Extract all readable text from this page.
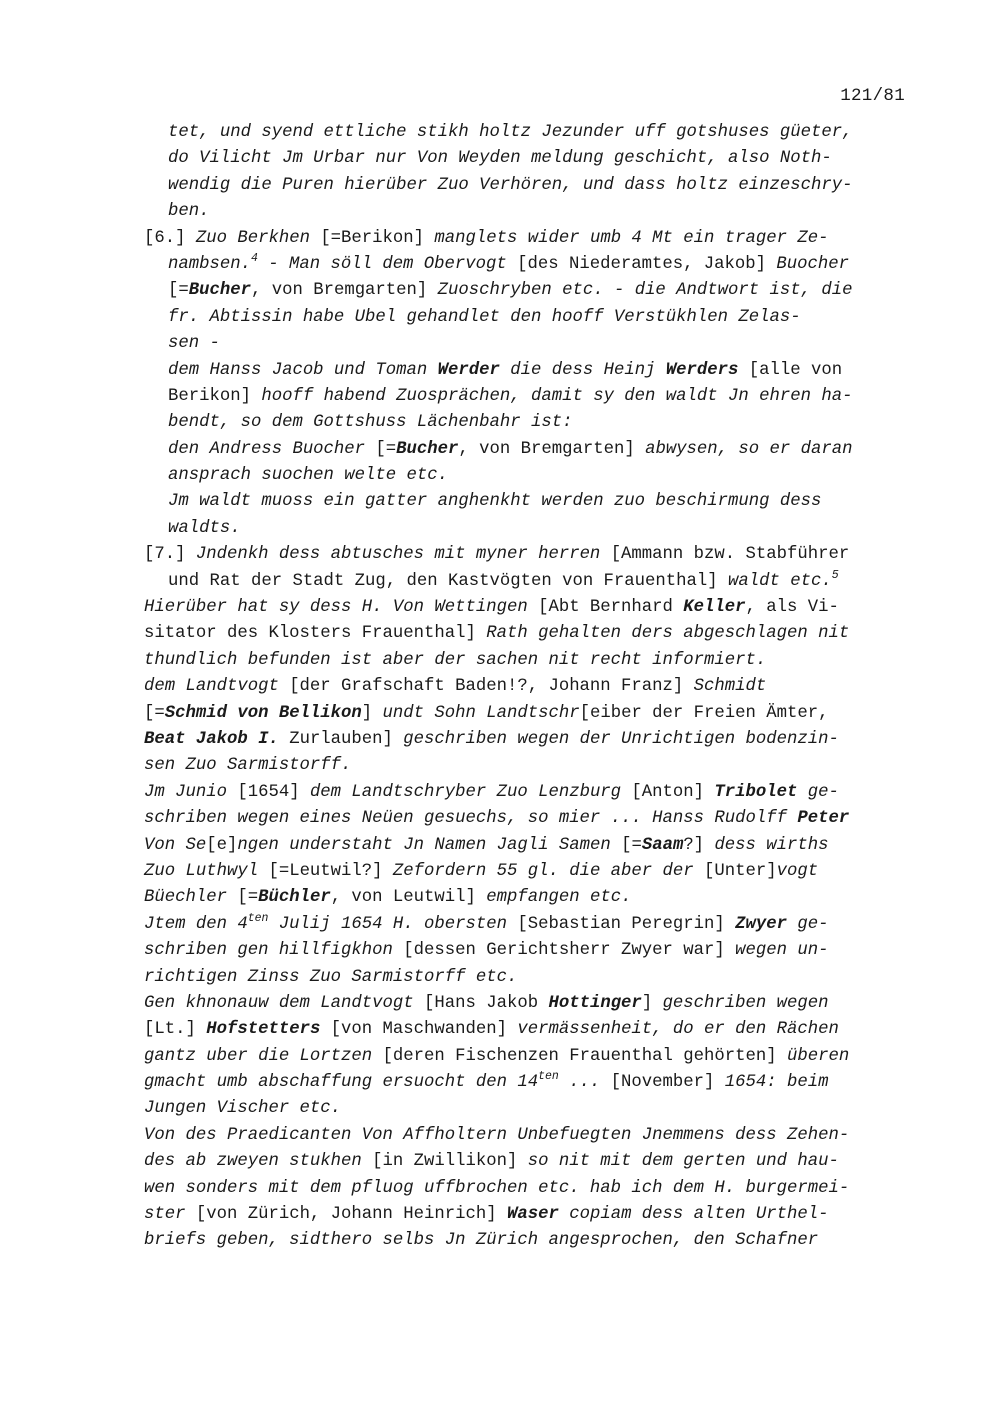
121/81
tet, und syend ettliche stikh holtz Jezunder uff gotshuses güeter,
do Vilicht Jm Urbar nur Von Weyden meldung geschicht, also Noth-
wendig die Puren hierüber Zuo Verhören, und dass holtz einzeschry-
ben.
[6.] Zuo Berkhen [=Berikon] manglets wider umb 4 Mt ein trager Ze-
nambsen.$^4$ - Man söll dem Obervogt [des Niederamtes, Jakob] Buocher
[=Bucher, von Bremgarten] Zuoschryben etc. - die Andtwort ist, die
fr. Abtissin habe Ubel gehandlet den hooff Verstükhlen Zelas-
sen -
dem Hanss Jacob und Toman Werder die dess Heinj Werders [alle von
Berikon] hooff habend Zuosprächen, damit sy den waldt Jn ehren ha-
bendt, so dem Gottshuss Lächenbahr ist:
den Andress Buocher [=Bucher, von Bremgarten] abwysen, so er daran
ansprach suochen welte etc.
Jm waldt muoss ein gatter anghenkht werden zuo beschirmung dess
waldts.
[7.] Jndenkh dess abtusches mit myner herren [Ammann bzw. Stabführer
und Rat der Stadt Zug, den Kastvögten von Frauenthal] waldt etc.$^5$
Hierüber hat sy dess H. Von Wettingen [Abt Bernhard Keller, als Vi-
sitator des Klosters Frauenthal] Rath gehalten ders abgeschlagen nit
thundlich befunden ist aber der sachen nit recht informiert.
dem Landtvogt [der Grafschaft Baden!?, Johann Franz] Schmidt
[=Schmid von Bellikon] undt Sohn Landtschr[eiber der Freien Ämter,
Beat Jakob I. Zurlauben] geschriben wegen der Unrichtigen bodenzin-
sen Zuo Sarmistorff.
Jm Junio [1654] dem Landtschryber Zuo Lenzburg [Anton] Tribolet ge-
schriben wegen eines Neüen gesuechs, so mier ... Hanss Rudolff Peter
Von Se[e]ngen understaht Jn Namen Jagli Samen [=Saam?] dess wirths
Zuo Luthwyl [=Leutwil?] Zefordern 55 gl. die aber der [Unter]vogt
Büechler [=Büchler, von Leutwil] empfangen etc.
Jtem den $4^{ten}$ Julij 1654 H. obersten [Sebastian Peregrin] Zwyer ge-
schriben gen hillfigkhon [dessen Gerichtsherr Zwyer war] wegen un-
richtigen Zinss Zuo Sarmistorff etc.
Gen khnonauw dem Landtvogt [Hans Jakob Hottinger] geschriben wegen
[Lt.] Hofstetters [von Maschwanden] vermässenheit, do er den Rächen
gantz uber die Lortzen [deren Fischenzen Frauenthal gehörten] überen
gmacht umb abschaffung ersuocht den $14^{ten}$ ... [November] 1654: beim
Jungen Vischer etc.
Von des Praedicanten Von Affholtern Unbefuegten Jnemmens dess Zehen-
des ab zweyen stukhen [in Zwillikon] so nit mit dem gerten und hau-
wen sonders mit dem pfluog uffbrochen etc. hab ich dem H. burgermei-
ster [von Zürich, Johann Heinrich] Waser copiam dess alten Urthel-
briefs geben, sidthero selbs Jn Zürich angesprochen, den Schafner
